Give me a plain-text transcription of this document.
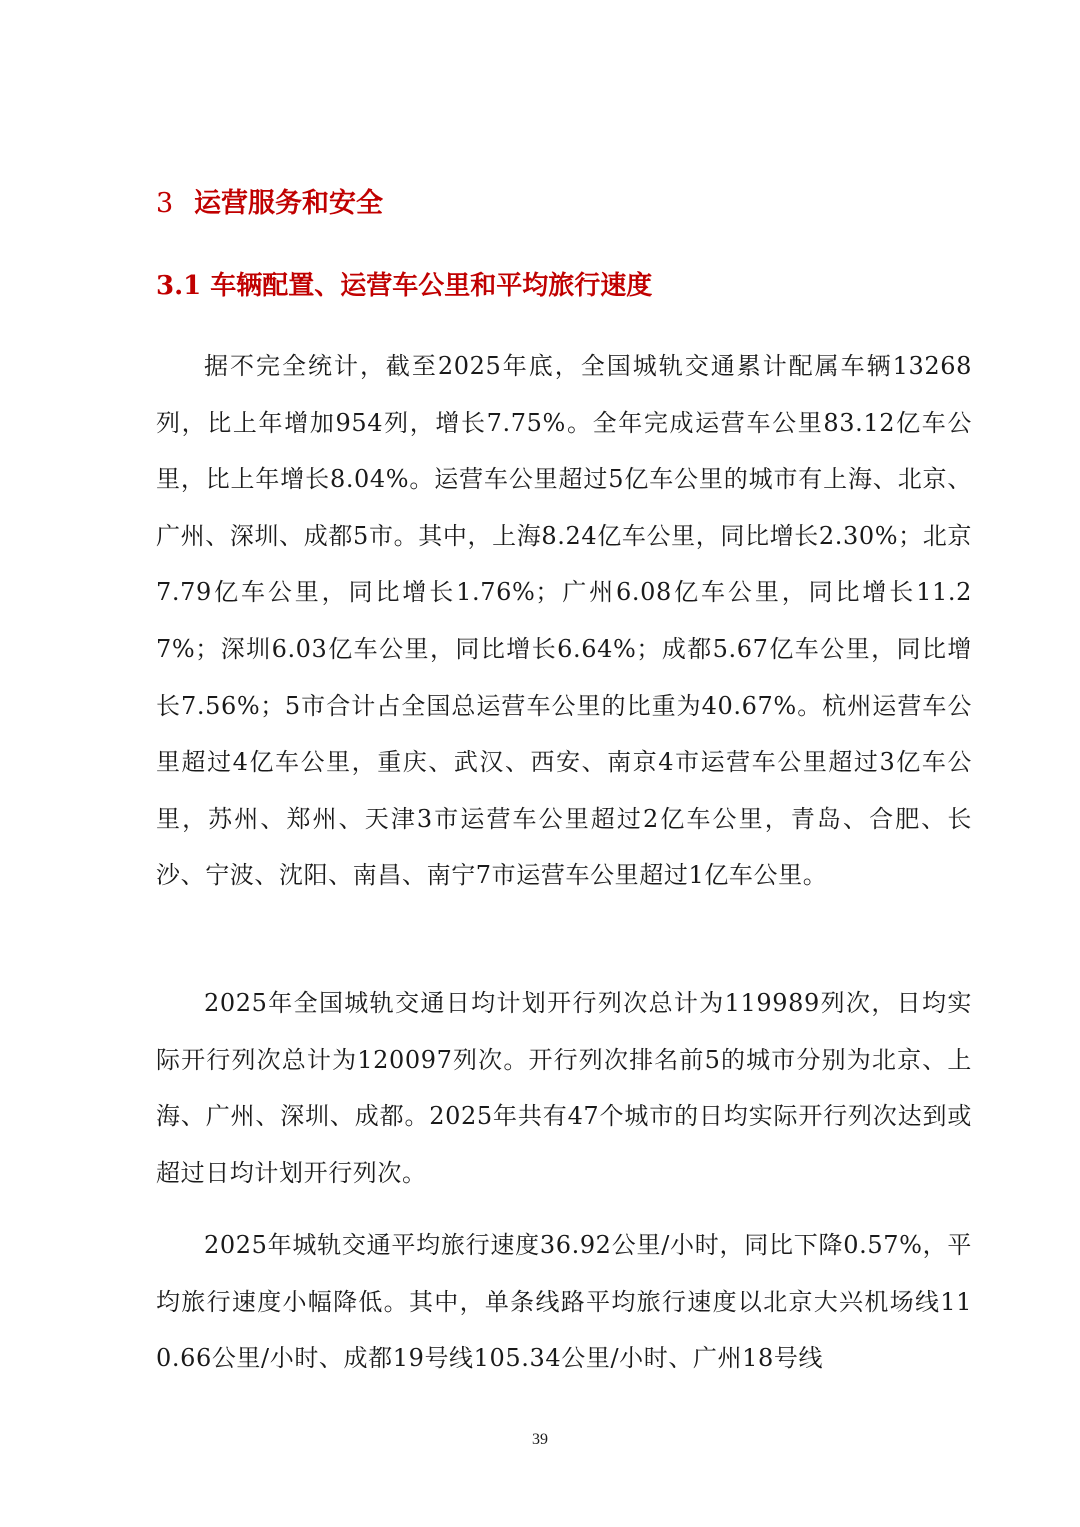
3 运营服务和安全
3.1 车辆配置、运营车公里和平均旅行速度

据不完全统计，截至2025年底，全国城轨交通累计配属车辆13268列，比上年增加954列，增长7.75%。全年完成运营车公里83.12亿车公里，比上年增长8.04%。运营车公里超过5亿车公里的城市有上海、北京、广州、深圳、成都5市。其中，上海8.24亿车公里，同比增长2.30%；北京7.79亿车公里，同比增长1.76%；广州6.08亿车公里，同比增长11.27%；深圳6.03亿车公里，同比增长6.64%；成都5.67亿车公里，同比增长7.56%；5市合计占全国总运营车公里的比重为40.67%。杭州运营车公里超过4亿车公里，重庆、武汉、西安、南京4市运营车公里超过3亿车公里，苏州、郑州、天津3市运营车公里超过2亿车公里，青岛、合肥、长沙、宁波、沈阳、南昌、南宁7市运营车公里超过1亿车公里。

2025年全国城轨交通日均计划开行列次总计为119989列次，日均实际开行列次总计为120097列次。开行列次排名前5的城市分别为北京、上海、广州、深圳、成都。2025年共有47个城市的日均实际开行列次达到或超过日均计划开行列次。

2025年城轨交通平均旅行速度36.92公里/小时，同比下降0.57%，平均旅行速度小幅降低。其中，单条线路平均旅行速度以北京大兴机场线110.66公里/小时、成都19号线105.34公里/小时、广州18号线

39
